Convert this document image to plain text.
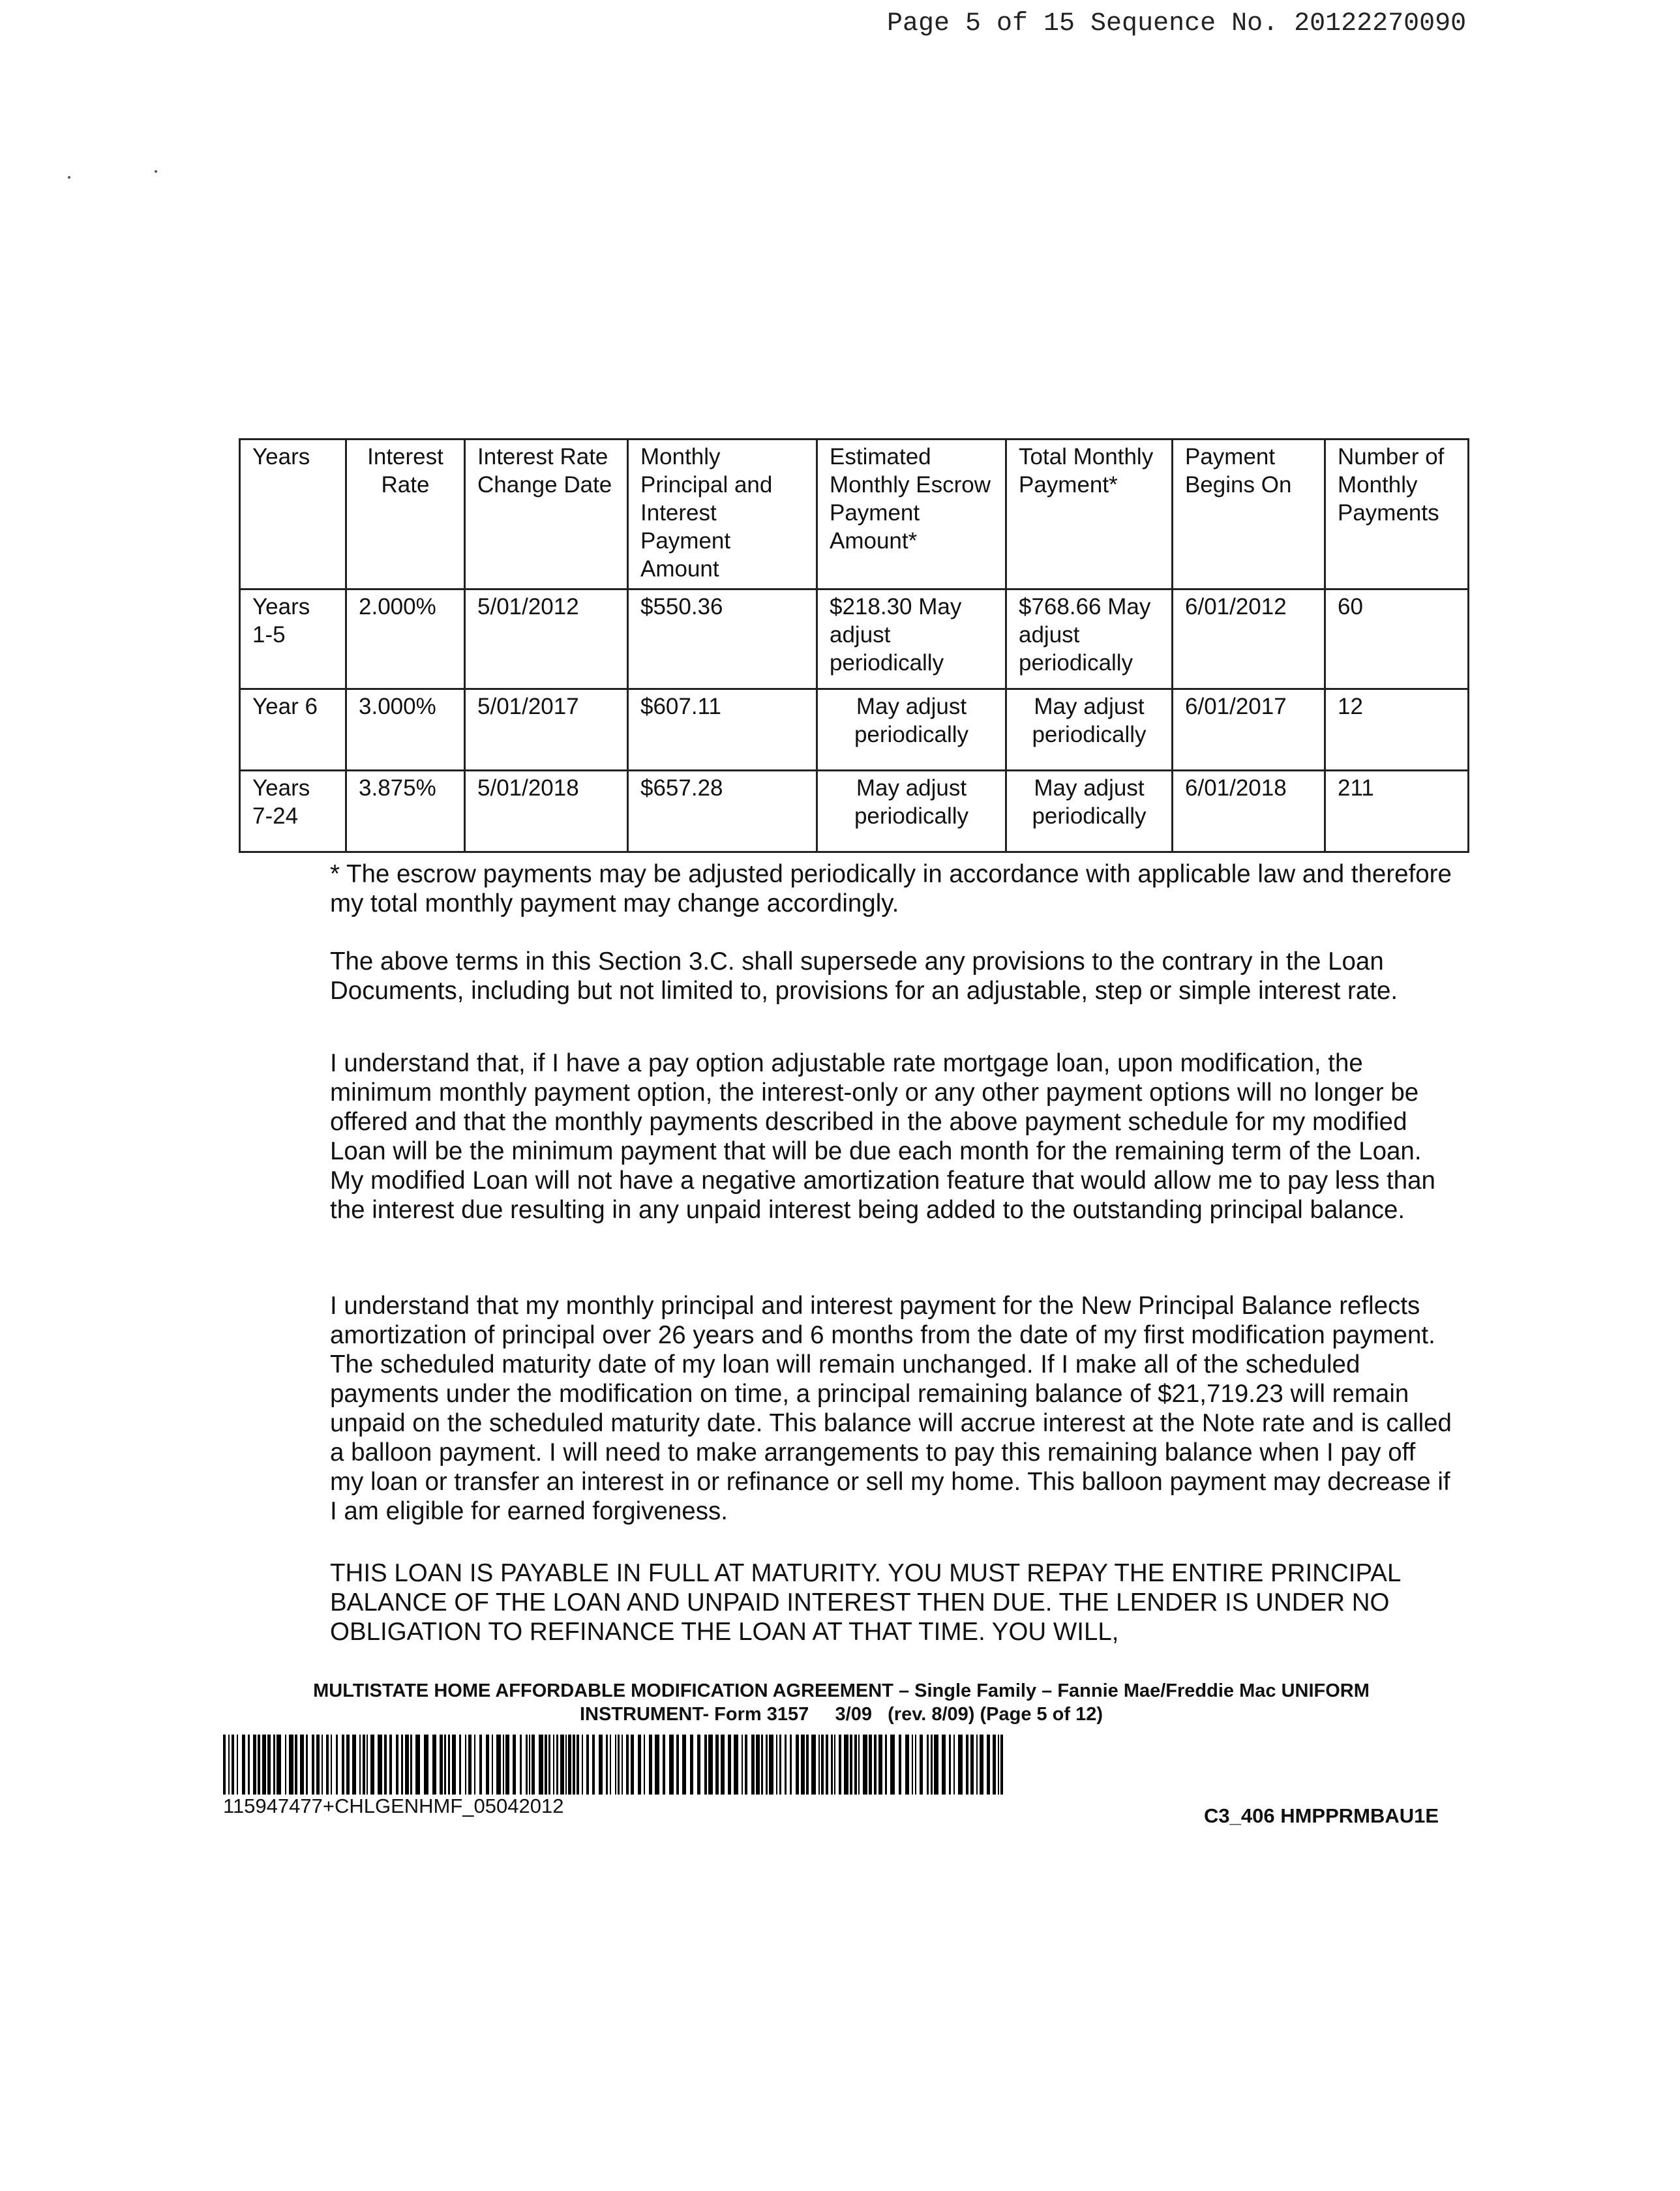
Page 5 of 15 Sequence No. 20122270090
Years	Interest Rate	Interest Rate Change Date	Monthly Principal and Interest Payment Amount	Estimated Monthly Escrow Payment Amount*	Total Monthly Payment*	Payment Begins On	Number of Monthly Payments
Years 1-5	2.000%	5/01/2012	$550.36	$218.30 May adjust periodically	$768.66 May adjust periodically	6/01/2012	60
Year 6	3.000%	5/01/2017	$607.11	May adjust periodically	May adjust periodically	6/01/2017	12
Years 7-24	3.875%	5/01/2018	$657.28	May adjust periodically	May adjust periodically	6/01/2018	211

* The escrow payments may be adjusted periodically in accordance with applicable law and therefore my total monthly payment may change accordingly.

The above terms in this Section 3.C. shall supersede any provisions to the contrary in the Loan Documents, including but not limited to, provisions for an adjustable, step or simple interest rate.

I understand that, if I have a pay option adjustable rate mortgage loan, upon modification, the minimum monthly payment option, the interest-only or any other payment options will no longer be offered and that the monthly payments described in the above payment schedule for my modified Loan will be the minimum payment that will be due each month for the remaining term of the Loan. My modified Loan will not have a negative amortization feature that would allow me to pay less than the interest due resulting in any unpaid interest being added to the outstanding principal balance.

I understand that my monthly principal and interest payment for the New Principal Balance reflects amortization of principal over 26 years and 6 months from the date of my first modification payment. The scheduled maturity date of my loan will remain unchanged. If I make all of the scheduled payments under the modification on time, a principal remaining balance of $21,719.23 will remain unpaid on the scheduled maturity date. This balance will accrue interest at the Note rate and is called a balloon payment. I will need to make arrangements to pay this remaining balance when I pay off my loan or transfer an interest in or refinance or sell my home. This balloon payment may decrease if I am eligible for earned forgiveness.

THIS LOAN IS PAYABLE IN FULL AT MATURITY. YOU MUST REPAY THE ENTIRE PRINCIPAL BALANCE OF THE LOAN AND UNPAID INTEREST THEN DUE. THE LENDER IS UNDER NO OBLIGATION TO REFINANCE THE LOAN AT THAT TIME. YOU WILL,

MULTISTATE HOME AFFORDABLE MODIFICATION AGREEMENT – Single Family – Fannie Mae/Freddie Mac UNIFORM
INSTRUMENT- Form 3157     3/09   (rev. 8/09) (Page 5 of 12)
115947477+CHLGENHMF_05042012	C3_406 HMPPRMBAU1E
